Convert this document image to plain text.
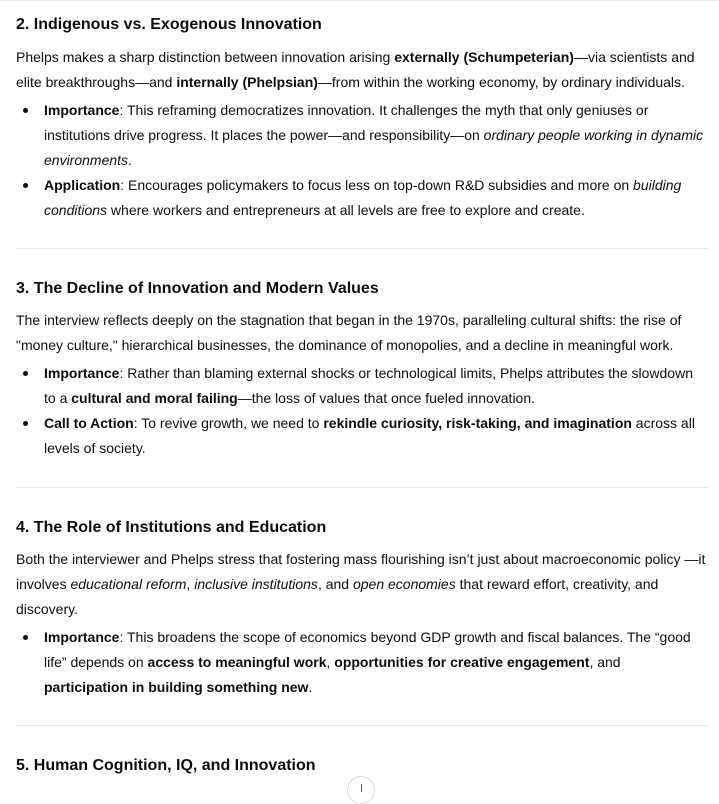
2. Indigenous vs. Exogenous Innovation

Phelps makes a sharp distinction between innovation arising externally (Schumpeterian)—via scientists and elite breakthroughs—and internally (Phelpsian)—from within the working economy, by ordinary individuals.

Importance: This reframing democratizes innovation. It challenges the myth that only geniuses or institutions drive progress. It places the power—and responsibility—on ordinary people working in dynamic environments.
Application: Encourages policymakers to focus less on top-down R&D subsidies and more on building conditions where workers and entrepreneurs at all levels are free to explore and create.
3. The Decline of Innovation and Modern Values

The interview reflects deeply on the stagnation that began in the 1970s, paralleling cultural shifts: the rise of "money culture," hierarchical businesses, the dominance of monopolies, and a decline in meaningful work.

Importance: Rather than blaming external shocks or technological limits, Phelps attributes the slowdown to a cultural and moral failing—the loss of values that once fueled innovation.
Call to Action: To revive growth, we need to rekindle curiosity, risk-taking, and imagination across all levels of society.
4. The Role of Institutions and Education

Both the interviewer and Phelps stress that fostering mass flourishing isn’t just about macroeconomic policy —it involves educational reform, inclusive institutions, and open economies that reward effort, creativity, and discovery.

Importance: This broadens the scope of economics beyond GDP growth and fiscal balances. The “good life” depends on access to meaningful work, opportunities for creative engagement, and participation in building something new.
5. Human Cognition, IQ, and Innovation
